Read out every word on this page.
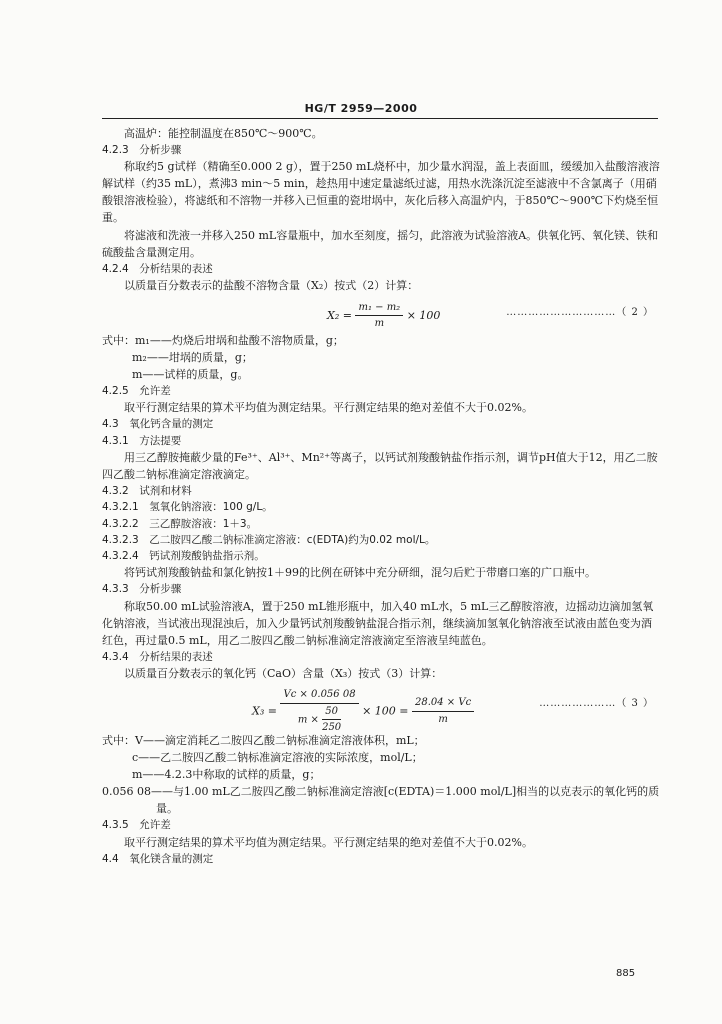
HG/T 2959—2000

高温炉：能控制温度在850℃～900℃。

4.2.3　分析步骤

称取约5 g试样（精确至0.000 2 g），置于250 mL烧杯中，加少量水润湿，盖上表面皿，缓缓加入盐酸溶液溶解试样（约35 mL），煮沸3 min～5 min，趁热用中速定量滤纸过滤，用热水洗涤沉淀至滤液中不含氯离子（用硝酸银溶液检验），将滤纸和不溶物一并移入已恒重的瓷坩埚中，灰化后移入高温炉内，于850℃～900℃下灼烧至恒重。

将滤液和洗液一并移入250 mL容量瓶中，加水至刻度，摇匀，此溶液为试验溶液A。供氧化钙、氧化镁、铁和硫酸盐含量测定用。

4.2.4　分析结果的表述

以质量百分数表示的盐酸不溶物含量（X₂）按式（2）计算：

$X_2 = \frac{\text{m₁ − m₂}}{m} \times 100$	…………………………（ 2 ）
式中：m₁——灼烧后坩埚和盐酸不溶物质量，g；
m₂——坩埚的质量，g；
m——试样的质量，g。

4.2.5　允许差

取平行测定结果的算术平均值为测定结果。平行测定结果的绝对差值不大于0.02%。

4.3　氧化钙含量的测定

4.3.1　方法提要

用三乙醇胺掩蔽少量的Fe³⁺、Al³⁺、Mn²⁺等离子，以钙试剂羧酸钠盐作指示剂，调节pH值大于12，用乙二胺四乙酸二钠标准滴定溶液滴定。

4.3.2　试剂和材料

4.3.2.1　氢氧化钠溶液：100 g/L。

4.3.2.2　三乙醇胺溶液：1＋3。

4.3.2.3　乙二胺四乙酸二钠标准滴定溶液：c(EDTA)约为0.02 mol/L。

4.3.2.4　钙试剂羧酸钠盐指示剂。

将钙试剂羧酸钠盐和氯化钠按1＋99的比例在研钵中充分研细，混匀后贮于带磨口塞的广口瓶中。

4.3.3　分析步骤

称取50.00 mL试验溶液A，置于250 mL锥形瓶中，加入40 mL水，5 mL三乙醇胺溶液，边摇动边滴加氢氧化钠溶液，当试液出现混浊后，加入少量钙试剂羧酸钠盐混合指示剂，继续滴加氢氧化钠溶液至试液由蓝色变为酒红色，再过量0.5 mL，用乙二胺四乙酸二钠标准滴定溶液滴定至溶液呈纯蓝色。

4.3.4　分析结果的表述

以质量百分数表示的氧化钙（CaO）含量（X₃）按式（3）计算：

$X_3 = \frac{Vc \times 0.056 08}{m \times \frac{50}{250}} \times 100 = \frac{28.04 \times Vc}{m}$	…………………（ 3 ）
式中：V——滴定消耗乙二胺四乙酸二钠标准滴定溶液体积，mL；
c——乙二胺四乙酸二钠标准滴定溶液的实际浓度，mol/L；
m——4.2.3中称取的试样的质量，g；
0.056 08——与1.00 mL乙二胺四乙酸二钠标准滴定溶液[c(EDTA)＝1.000 mol/L]相当的以克表示的氧化钙的质量。

4.3.5　允许差

取平行测定结果的算术平均值为测定结果。平行测定结果的绝对差值不大于0.02%。

4.4　氧化镁含量的测定

885
